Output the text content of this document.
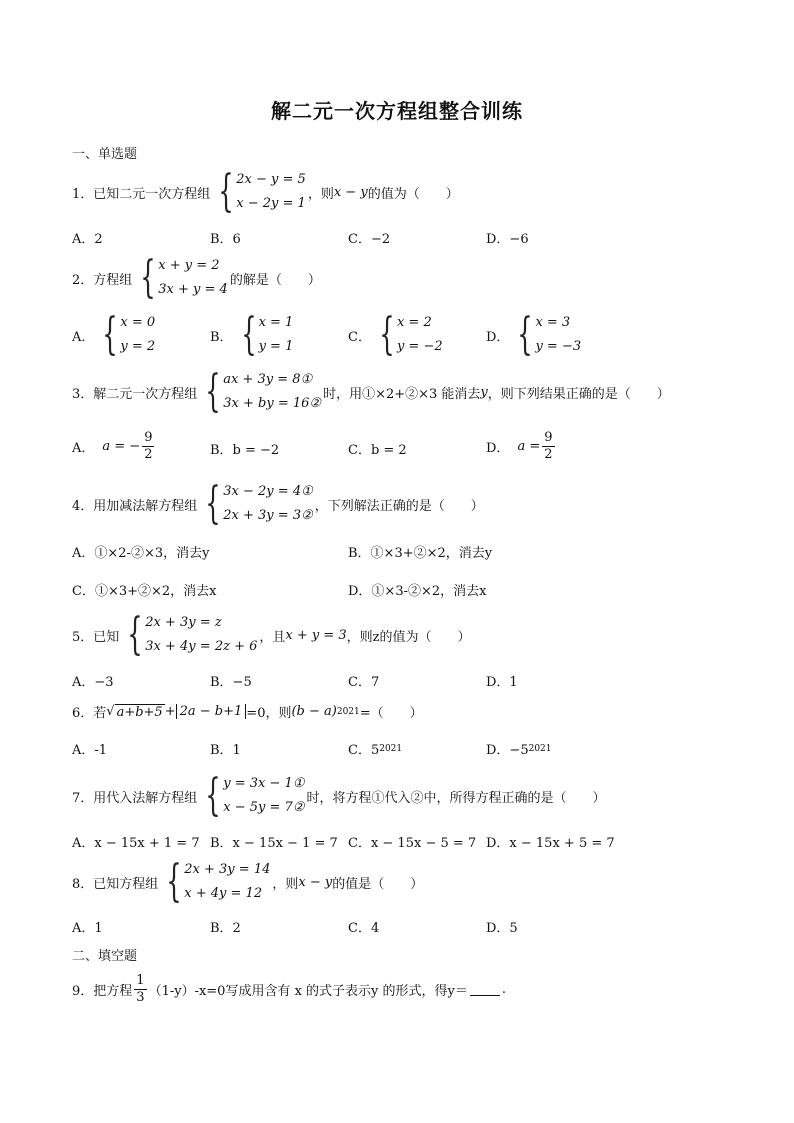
解二元一次方程组整合训练
一、单选题
1．已知二元一次方程组 { 2x − y = 5
x − 2y = 1
，则 x − y 的值为（　　）
A．2	B．6	C．−2	D．−6
2．方程组 { x + y = 2
3x + y = 4
的解是（　　）
A． { x = 0
y = 2
B． { x = 1
y = 1
C． { x = 2
y = −2
D． { x = 3
y = −3
3．解二元一次方程组 { ax + 3y = 8①
3x + by = 16②
时，用①×2+②×3 能消去 y ，则下列结果正确的是（　　）
A． a = − $\frac{9}{2}$	B．b = −2	C．b = 2	D． $a = \frac{9}{2}$
4．用加减法解方程组 { 3x − 2y = 4①
2x + 3y = 3②
，下列解法正确的是（　　）
A．①×2-②×3，消去y	B．①×3+②×2，消去y
C．①×3+②×2，消去x	D．①×3-②×2，消去x
5．已知 { 2x + 3y = z
3x + 4y = 2z + 6
，且 x + y = 3 ，则z的值为（　　）
A．−3	B．−5	C．7	D．1
6．若 √ a+b+5 + 2a − b+1 =0，则 (b − a) 2021 =（　　）
A．-1	B．1	C．5 2021	D．−5 2021
7．用代入法解方程组 { y = 3x − 1①
x − 5y = 7②
时，将方程①代入②中，所得方程正确的是（　　）
A．x − 15x + 1 = 7 B．x − 15x − 1 = 7 C．x − 15x − 5 = 7 D．x − 15x + 5 = 7
8．已知方程组 { 2x + 3y = 14
x + 4y = 12
，则 x − y 的值是（　　）
A．1	B．2	C．4	D．5
二、填空题
9．把方程 $\frac{1}{3} (1-y)-x=0$写成用含有 x 的式子表示y 的形式，得y＝	.
